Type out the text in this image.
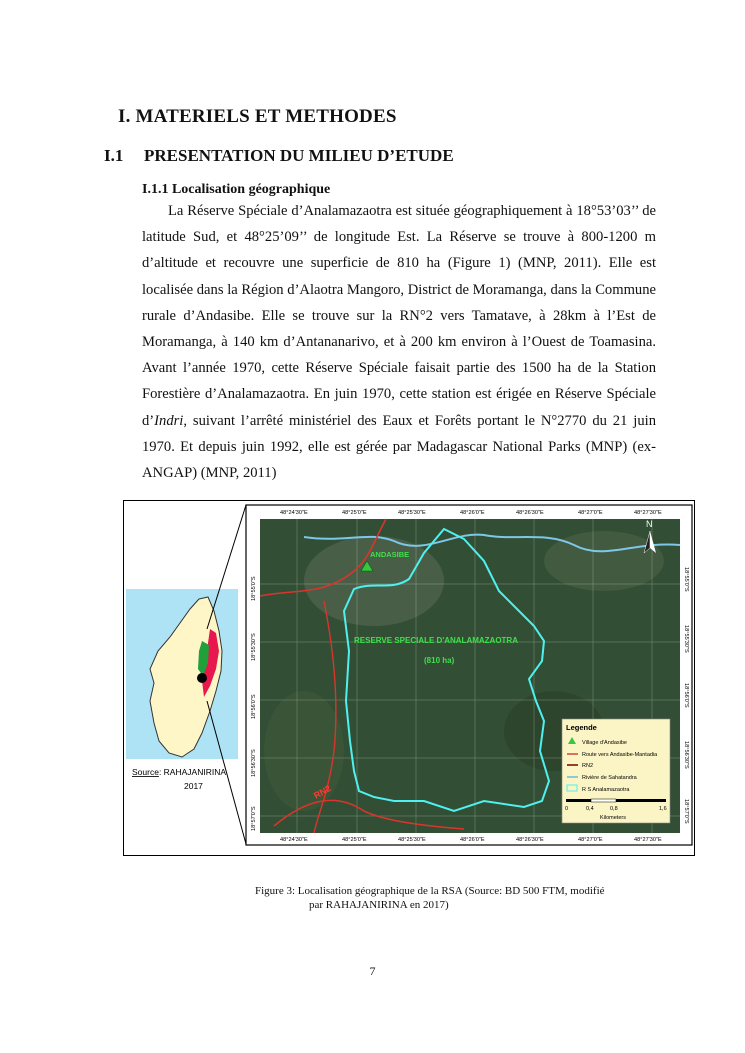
I. MATERIELS ET METHODES
I.1 PRESENTATION DU MILIEU D’ETUDE
I.1.1 Localisation géographique

La Réserve Spéciale d’Analamazaotra est située géographiquement à 18°53’03’’ de latitude Sud, et 48°25’09’’ de longitude Est. La Réserve se trouve à 800-1200 m d’altitude et recouvre une superficie de 810 ha (Figure 1) (MNP, 2011). Elle est localisée dans la Région d’Alaotra Mangoro, District de Moramanga, dans la Commune rurale d’Andasibe. Elle se trouve sur la RN°2 vers Tamatave, à 28km à l’Est de Moramanga, à 140 km d’Antananarivo, et à 200 km environ à l’Ouest de Toamasina. Avant l’année 1970, cette Réserve Spéciale faisait partie des 1500 ha de la Station Forestière d’Analamazaotra. En juin 1970, cette station est érigée en Réserve Spéciale d’Indri, suivant l’arrêté ministériel des Eaux et Forêts portant le N°2770 du 21 juin 1970. Et depuis juin 1992, elle est gérée par Madagascar National Parks (MNP) (ex-ANGAP) (MNP, 2011)

Source: RAHAJANIRINA
2017	RN2
ANDASIBE
RESERVE SPECIALE D'ANALAMAZAOTRA
(810 ha)
N
Legende
Village d'Andasibe
Route vers Andasibe-Mantadia
RN2
Rivière de Sahatandra
R S Analamazaotra
0	0,4	0,8	1,6
Kilometers
48°24'30"E	48°25'0"E	48°25'30"E	48°26'0"E	48°26'30"E	48°27'0"E	48°27'30"E
48°24'30"E	48°25'0"E	48°25'30"E	48°26'0"E	48°26'30"E	48°27'0"E	48°27'30"E
18°55'0"S
18°55'30"S
18°56'0"S
18°56'30"S
18°57'0"S
18°55'0"S
18°55'30"S
18°56'0"S
18°56'30"S
18°57'0"S
Figure 3: Localisation géographique de la RSA (Source: BD 500 FTM, modifié
par RAHAJANIRINA en 2017)
7
